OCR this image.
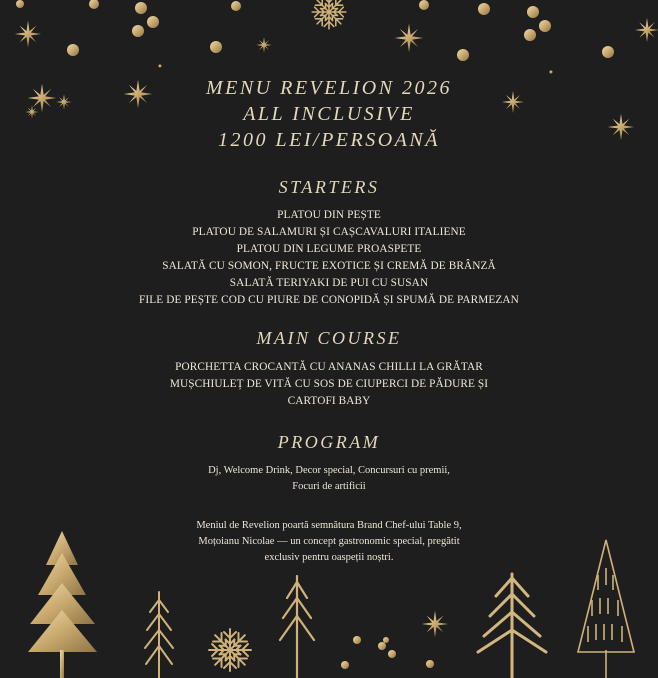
MENU REVELION 2026
ALL INCLUSIVE
1200 LEI/PERSOANĂ
STARTERS
PLATOU DIN PEȘTE
PLATOU DE SALAMURI ȘI CAȘCAVALURI ITALIENE
PLATOU DIN LEGUME PROASPETE
SALATĂ CU SOMON, FRUCTE EXOTICE ȘI CREMĂ DE BRÂNZĂ
SALATĂ TERIYAKI DE PUI CU SUSAN
FILE DE PEȘTE COD CU PIURE DE CONOPIDĂ ȘI SPUMĂ DE PARMEZAN
MAIN COURSE
PORCHETTA CROCANTĂ CU ANANAS CHILLI LA GRĂTAR
MUȘCHIULEȚ DE VITĂ CU SOS DE CIUPERCI DE PĂDURE ȘI
CARTOFI BABY
PROGRAM
Dj, Welcome Drink, Decor special, Concursuri cu premii,
Focuri de artificii
Meniul de Revelion poartă semnătura Brand Chef-ului Table 9,
Moțoianu Nicolae — un concept gastronomic special, pregătit
exclusiv pentru oaspeții noștri.
